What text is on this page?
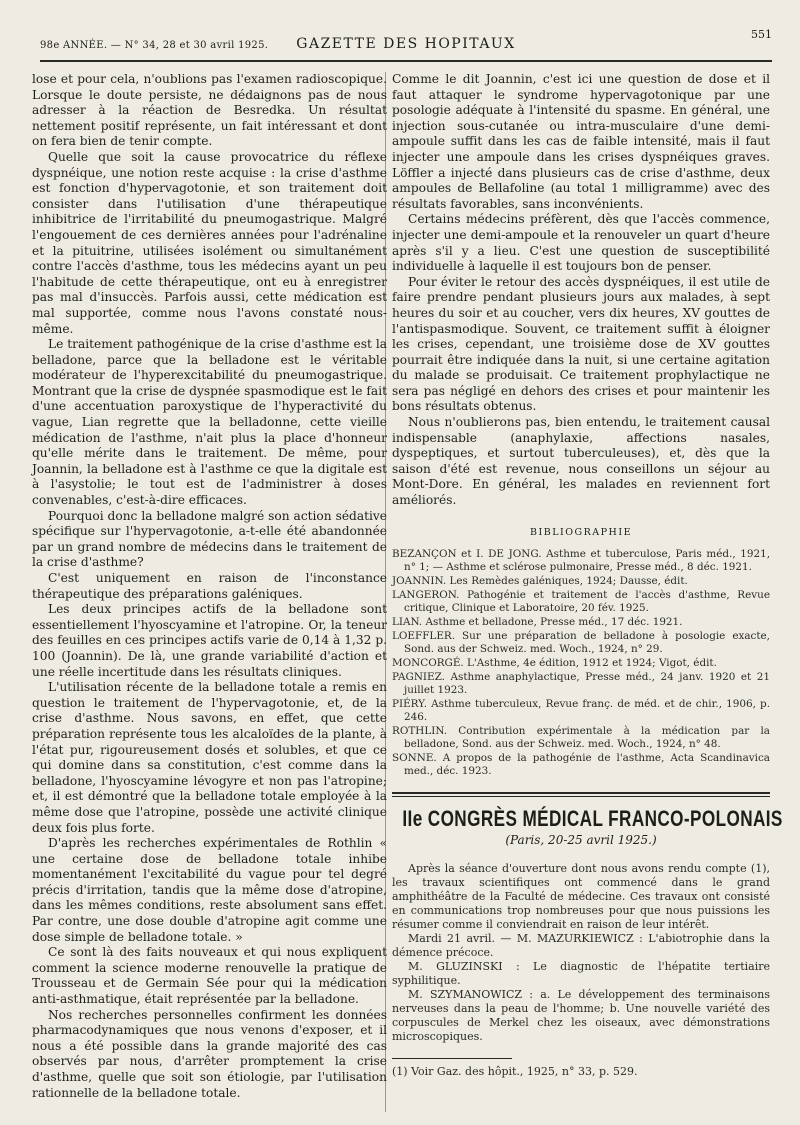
98e ANNÉE. — N° 34, 28 et 30 avril 1925.	GAZETTE DES HOPITAUX
551

lose et pour cela, n'oublions pas l'examen radioscopique. Lorsque le doute persiste, ne dédaignons pas de nous adresser à la réaction de Besredka. Un résultat nettement positif représente, un fait intéressant et dont on fera bien de tenir compte.

Quelle que soit la cause provocatrice du réflexe dyspnéique, une notion reste acquise : la crise d'asthme est fonction d'hypervagotonie, et son traitement doit consister dans l'utilisation d'une thérapeutique inhibitrice de l'irritabilité du pneumogastrique. Malgré l'engouement de ces dernières années pour l'adrénaline et la pituitrine, utilisées isolément ou simultanément contre l'accès d'asthme, tous les médecins ayant un peu l'habitude de cette thérapeutique, ont eu à enregistrer pas mal d'insuccès. Parfois aussi, cette médication est mal supportée, comme nous l'avons constaté nous-même.

Le traitement pathogénique de la crise d'asthme est la belladone, parce que la belladone est le véritable modérateur de l'hyperexcitabilité du pneumogastrique. Montrant que la crise de dyspnée spasmodique est le fait d'une accentuation paroxystique de l'hyperactivité du vague, Lian regrette que la belladonne, cette vieille médication de l'asthme, n'ait plus la place d'honneur qu'elle mérite dans le traitement. De même, pour Joannin, la belladone est à l'asthme ce que la digitale est à l'asystolie; le tout est de l'administrer à doses convenables, c'est-à-dire efficaces.

Pourquoi donc la belladone malgré son action sédative spécifique sur l'hypervagotonie, a-t-elle été abandonnée par un grand nombre de médecins dans le traitement de la crise d'asthme?

C'est uniquement en raison de l'inconstance thérapeutique des préparations galéniques.

Les deux principes actifs de la belladone sont essentiellement l'hyoscyamine et l'atropine. Or, la teneur des feuilles en ces principes actifs varie de 0,14 à 1,32 p. 100 (Joannin). De là, une grande variabilité d'action et une réelle incertitude dans les résultats cliniques.

L'utilisation récente de la belladone totale a remis en question le traitement de l'hypervagotonie, et, de la crise d'asthme. Nous savons, en effet, que cette préparation représente tous les alcaloïdes de la plante, à l'état pur, rigoureusement dosés et solubles, et que ce qui domine dans sa constitution, c'est comme dans la belladone, l'hyoscyamine lévogyre et non pas l'atropine; et, il est démontré que la belladone totale employée à la même dose que l'atropine, possède une activité clinique deux fois plus forte.

D'après les recherches expérimentales de Rothlin « une certaine dose de belladone totale inhibe momentanément l'excitabilité du vague pour tel degré précis d'irritation, tandis que la même dose d'atropine, dans les mêmes conditions, reste absolument sans effet. Par contre, une dose double d'atropine agit comme une dose simple de belladone totale. »

Ce sont là des faits nouveaux et qui nous expliquent comment la science moderne renouvelle la pratique de Trousseau et de Germain Sée pour qui la médication anti-asthmatique, était représentée par la belladone.

Nos recherches personnelles confirment les données pharmacodynamiques que nous venons d'exposer, et il nous a été possible dans la grande majorité des cas observés par nous, d'arrêter promptement la crise d'asthme, quelle que soit son étiologie, par l'utilisation rationnelle de la belladone totale.

Comme le dit Joannin, c'est ici une question de dose et il faut attaquer le syndrome hypervagotonique par une posologie adéquate à l'intensité du spasme. En général, une injection sous-cutanée ou intra-musculaire d'une demi-ampoule suffit dans les cas de faible intensité, mais il faut injecter une ampoule dans les crises dyspnéiques graves. Löffler a injecté dans plusieurs cas de crise d'asthme, deux ampoules de Bellafoline (au total 1 milligramme) avec des résultats favorables, sans inconvénients.

Certains médecins préfèrent, dès que l'accès commence, injecter une demi-ampoule et la renouveler un quart d'heure après s'il y a lieu. C'est une question de susceptibilité individuelle à laquelle il est toujours bon de penser.

Pour éviter le retour des accès dyspnéiques, il est utile de faire prendre pendant plusieurs jours aux malades, à sept heures du soir et au coucher, vers dix heures, XV gouttes de l'antispasmodique. Souvent, ce traitement suffit à éloigner les crises, cependant, une troisième dose de XV gouttes pourrait être indiquée dans la nuit, si une certaine agitation du malade se produisait. Ce traitement prophylactique ne sera pas négligé en dehors des crises et pour maintenir les bons résultats obtenus.

Nous n'oublierons pas, bien entendu, le traitement causal indispensable (anaphylaxie, affections nasales, dyspeptiques, et surtout tuberculeuses), et, dès que la saison d'été est revenue, nous conseillons un séjour au Mont-Dore. En général, les malades en reviennent fort améliorés.

BIBLIOGRAPHIE

BEZANÇON et I. DE JONG. Asthme et tuberculose, Paris méd., 1921, n° 1; — Asthme et sclérose pulmonaire, Presse méd., 8 déc. 1921.

JOANNIN. Les Remèdes galéniques, 1924; Dausse, édit.

LANGERON. Pathogénie et traitement de l'accès d'asthme, Revue critique, Clinique et Laboratoire, 20 fév. 1925.

LIAN. Asthme et belladone, Presse méd., 17 déc. 1921.

LOEFFLER. Sur une préparation de belladone à posologie exacte, Sond. aus der Schweiz. med. Woch., 1924, n° 29.

MONCORGÉ. L'Asthme, 4e édition, 1912 et 1924; Vigot, édit.

PAGNIEZ. Asthme anaphylactique, Presse méd., 24 janv. 1920 et 21 juillet 1923.

PIÉRY. Asthme tuberculeux, Revue franç. de méd. et de chir., 1906, p. 246.

ROTHLIN. Contribution expérimentale à la médication par la belladone, Sond. aus der Schweiz. med. Woch., 1924, n° 48.

SONNE. A propos de la pathogénie de l'asthme, Acta Scandinavica med., déc. 1923.

IIe CONGRÈS MÉDICAL FRANCO-POLONAIS
(Paris, 20-25 avril 1925.)

Après la séance d'ouverture dont nous avons rendu compte (1), les travaux scientifiques ont commencé dans le grand amphithéâtre de la Faculté de médecine. Ces travaux ont consisté en communications trop nombreuses pour que nous puissions les résumer comme il conviendrait en raison de leur intérêt.

Mardi 21 avril. — M. MAZURKIEWICZ : L'abiotrophie dans la démence précoce.

M. GLUZINSKI : Le diagnostic de l'hépatite tertiaire syphilitique.

M. SZYMANOWICZ : a. Le développement des terminaisons nerveuses dans la peau de l'homme; b. Une nouvelle variété des corpuscules de Merkel chez les oiseaux, avec démonstrations microscopiques.

(1) Voir Gaz. des hôpit., 1925, n° 33, p. 529.
